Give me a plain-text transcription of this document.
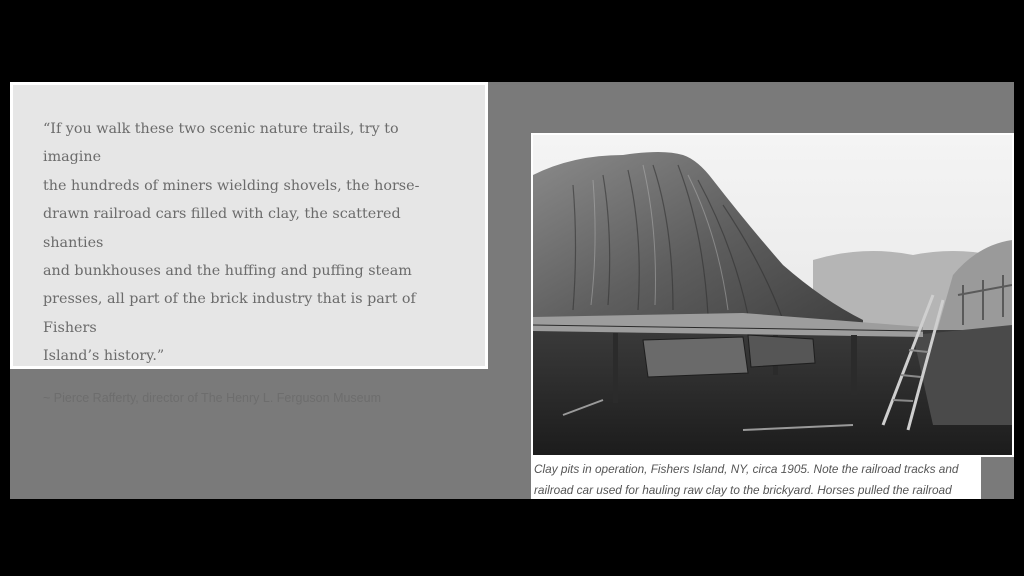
“If you walk these two scenic nature trails, try to imagine
the hundreds of miners wielding shovels, the horse-
drawn railroad cars filled with clay, the scattered shanties
and bunkhouses and the huffing and puffing steam
presses, all part of the brick industry that is part of Fishers
Island’s history.”

~ Pierce Rafferty, director of The Henry L. Ferguson Museum

Clay pits in operation, Fishers Island, NY, circa 1905. Note the railroad tracks and
railroad car used for hauling raw clay to the brickyard. Horses pulled the railroad
